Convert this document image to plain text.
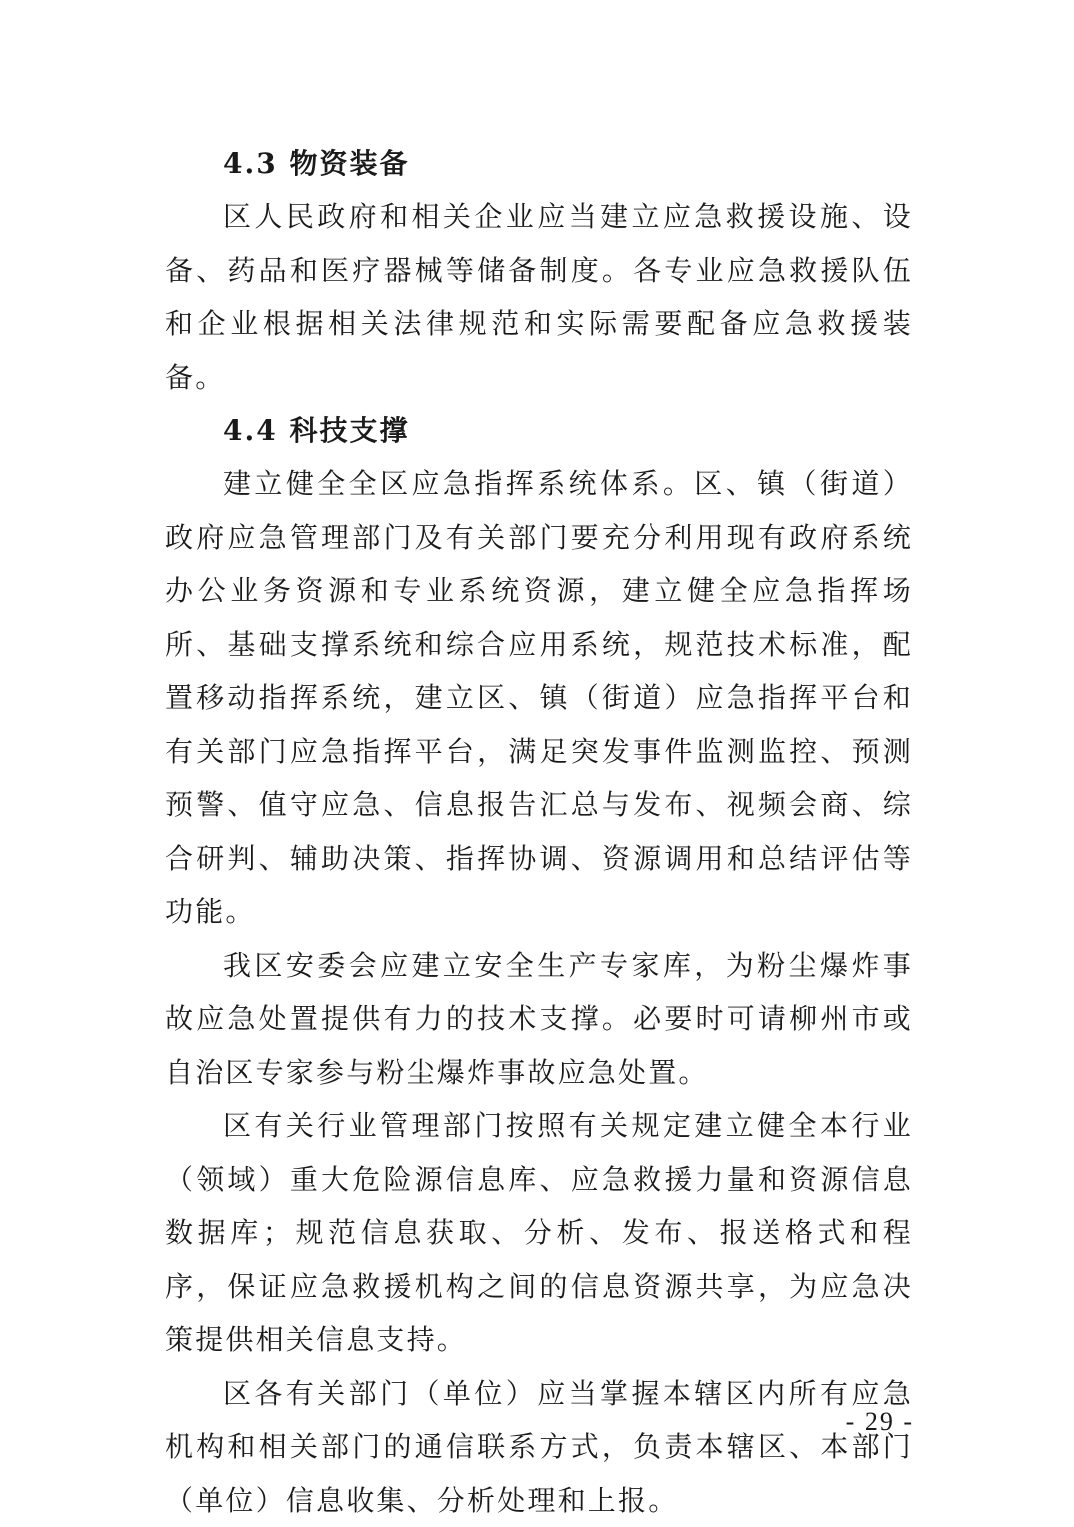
4.3 物资装备

区人民政府和相关企业应当建立应急救援设施、设备、药品和医疗器械等储备制度。各专业应急救援队伍和企业根据相关法律规范和实际需要配备应急救援装备。

4.4 科技支撑

建立健全全区应急指挥系统体系。区、镇（街道）政府应急管理部门及有关部门要充分利用现有政府系统办公业务资源和专业系统资源，建立健全应急指挥场所、基础支撑系统和综合应用系统，规范技术标准，配置移动指挥系统，建立区、镇（街道）应急指挥平台和有关部门应急指挥平台，满足突发事件监测监控、预测预警、值守应急、信息报告汇总与发布、视频会商、综合研判、辅助决策、指挥协调、资源调用和总结评估等功能。

我区安委会应建立安全生产专家库，为粉尘爆炸事故应急处置提供有力的技术支撑。必要时可请柳州市或自治区专家参与粉尘爆炸事故应急处置。

区有关行业管理部门按照有关规定建立健全本行业（领域）重大危险源信息库、应急救援力量和资源信息数据库；规范信息获取、分析、发布、报送格式和程序，保证应急救援机构之间的信息资源共享，为应急决策提供相关信息支持。

区各有关部门（单位）应当掌握本辖区内所有应急机构和相关部门的通信联系方式，负责本辖区、本部门（单位）信息收集、分析处理和上报。

- 29 -
